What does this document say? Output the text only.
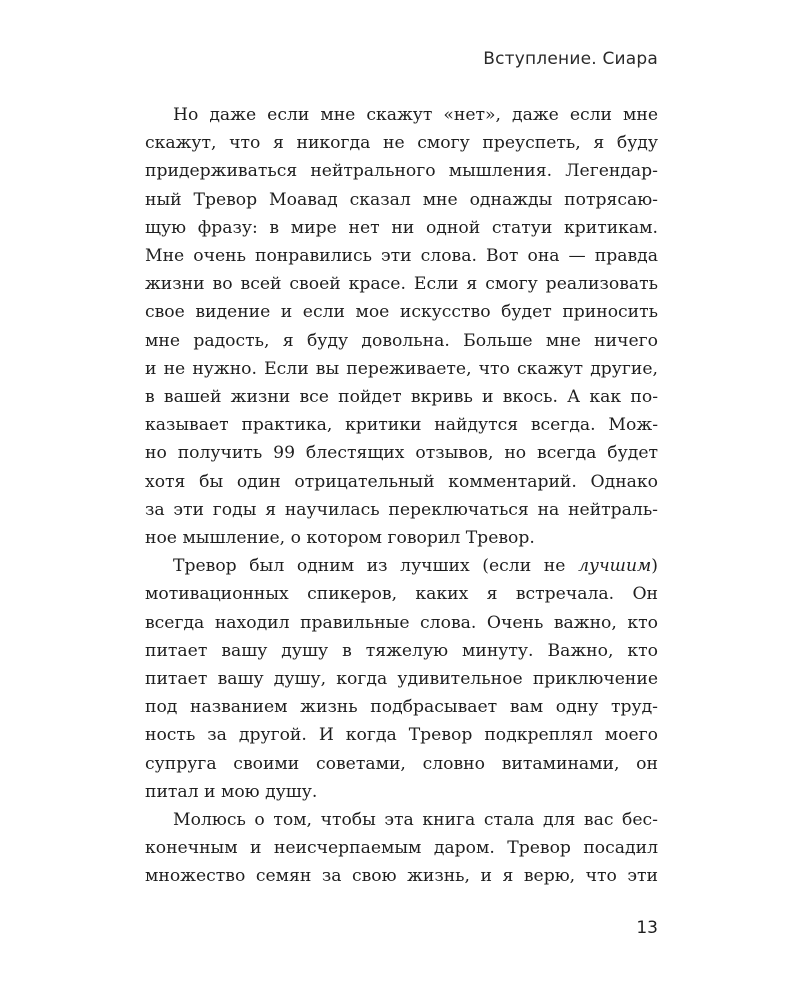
Вступление. Сиара
Но даже если мне скажут «нет», даже если мне
скажут, что я никогда не смогу преуспеть, я буду
придерживаться нейтрального мышления. Легендар-
ный Тревор Моавад сказал мне однажды потрясаю-
щую фразу: в мире нет ни одной статуи критикам.
Мне очень понравились эти слова. Вот она — правда
жизни во всей своей красе. Если я смогу реализовать
свое видение и если мое искусство будет приносить
мне радость, я буду довольна. Больше мне ничего
и не нужно. Если вы переживаете, что скажут другие,
в вашей жизни все пойдет вкривь и вкось. А как по-
казывает практика, критики найдутся всегда. Мож-
но получить 99 блестящих отзывов, но всегда будет
хотя бы один отрицательный комментарий. Однако
за эти годы я научилась переключаться на нейтраль-
ное мышление, о котором говорил Тревор.
Тревор был одним из лучших (если не лучшим)
мотивационных спикеров, каких я встречала. Он
всегда находил правильные слова. Очень важно, кто
питает вашу душу в тяжелую минуту. Важно, кто
питает вашу душу, когда удивительное приключение
под названием жизнь подбрасывает вам одну труд-
ность за другой. И когда Тревор подкреплял моего
супруга своими советами, словно витаминами, он
питал и мою душу.
Молюсь о том, чтобы эта книга стала для вас бес-
конечным и неисчерпаемым даром. Тревор посадил
множество семян за свою жизнь, и я верю, что эти
13
